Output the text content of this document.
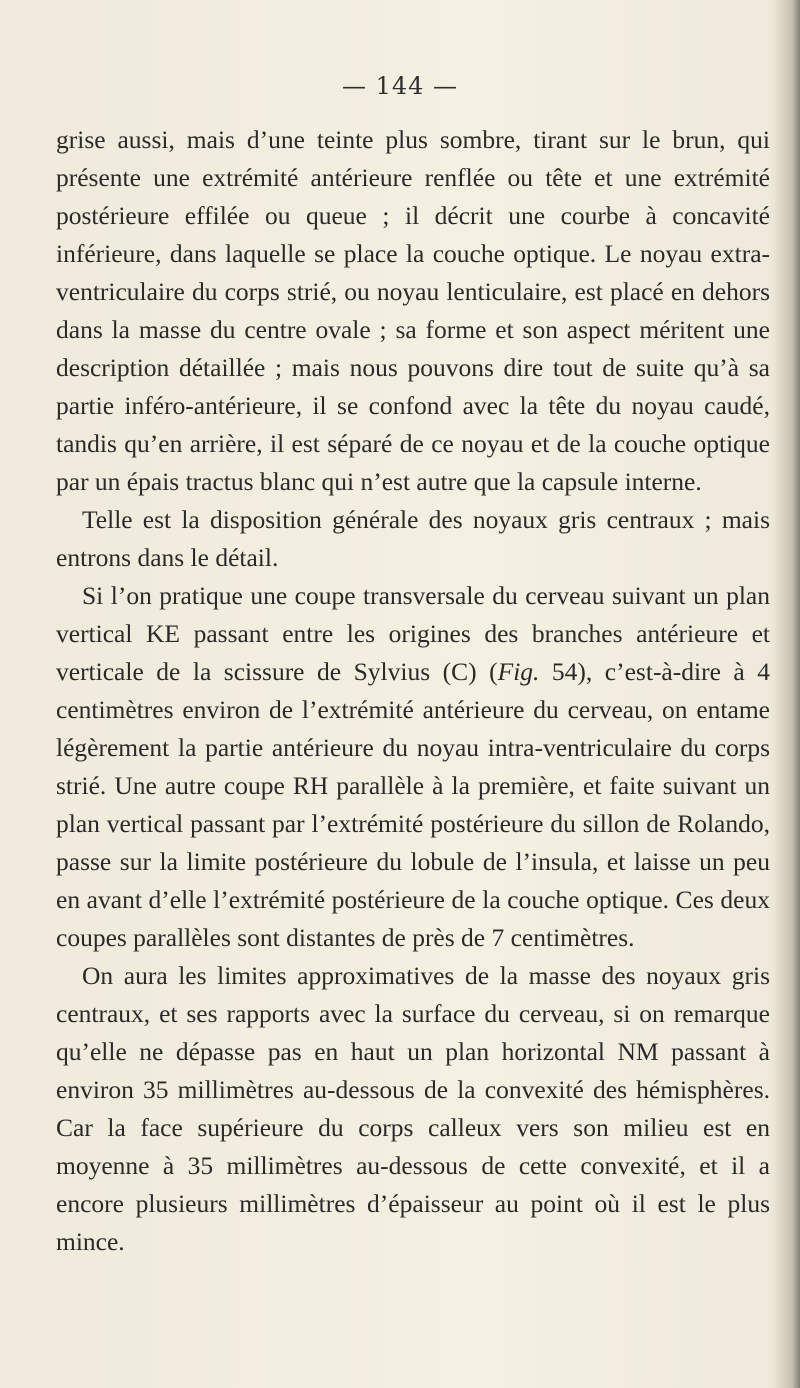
— 144 —

grise aussi, mais d’une teinte plus sombre, tirant sur le brun, qui présente une extrémité antérieure renflée ou tête et une extrémité postérieure effilée ou queue ; il décrit une courbe à concavité inférieure, dans laquelle se place la couche optique. Le noyau extra-ventriculaire du corps strié, ou noyau lenticulaire, est placé en dehors dans la masse du centre ovale ; sa forme et son aspect méritent une description détaillée ; mais nous pouvons dire tout de suite qu’à sa partie inféro-antérieure, il se confond avec la tête du noyau caudé, tandis qu’en arrière, il est séparé de ce noyau et de la couche optique par un épais tractus blanc qui n’est autre que la capsule interne.

Telle est la disposition générale des noyaux gris centraux ; mais entrons dans le détail.

Si l’on pratique une coupe transversale du cerveau suivant un plan vertical KE passant entre les origines des branches antérieure et verticale de la scissure de Sylvius (C) (Fig. 54), c’est-à-dire à 4 centimètres environ de l’extrémité antérieure du cerveau, on entame légèrement la partie antérieure du noyau intra-ventriculaire du corps strié. Une autre coupe RH parallèle à la première, et faite suivant un plan vertical passant par l’extrémité postérieure du sillon de Rolando, passe sur la limite postérieure du lobule de l’insula, et laisse un peu en avant d’elle l’extrémité postérieure de la couche optique. Ces deux coupes parallèles sont distantes de près de 7 centimètres.

On aura les limites approximatives de la masse des noyaux gris centraux, et ses rapports avec la surface du cerveau, si on remarque qu’elle ne dépasse pas en haut un plan horizontal NM passant à environ 35 millimètres au-dessous de la convexité des hémisphères. Car la face supérieure du corps calleux vers son milieu est en moyenne à 35 millimètres au-dessous de cette convexité, et il a encore plusieurs millimètres d’épaisseur au point où il est le plus mince.
